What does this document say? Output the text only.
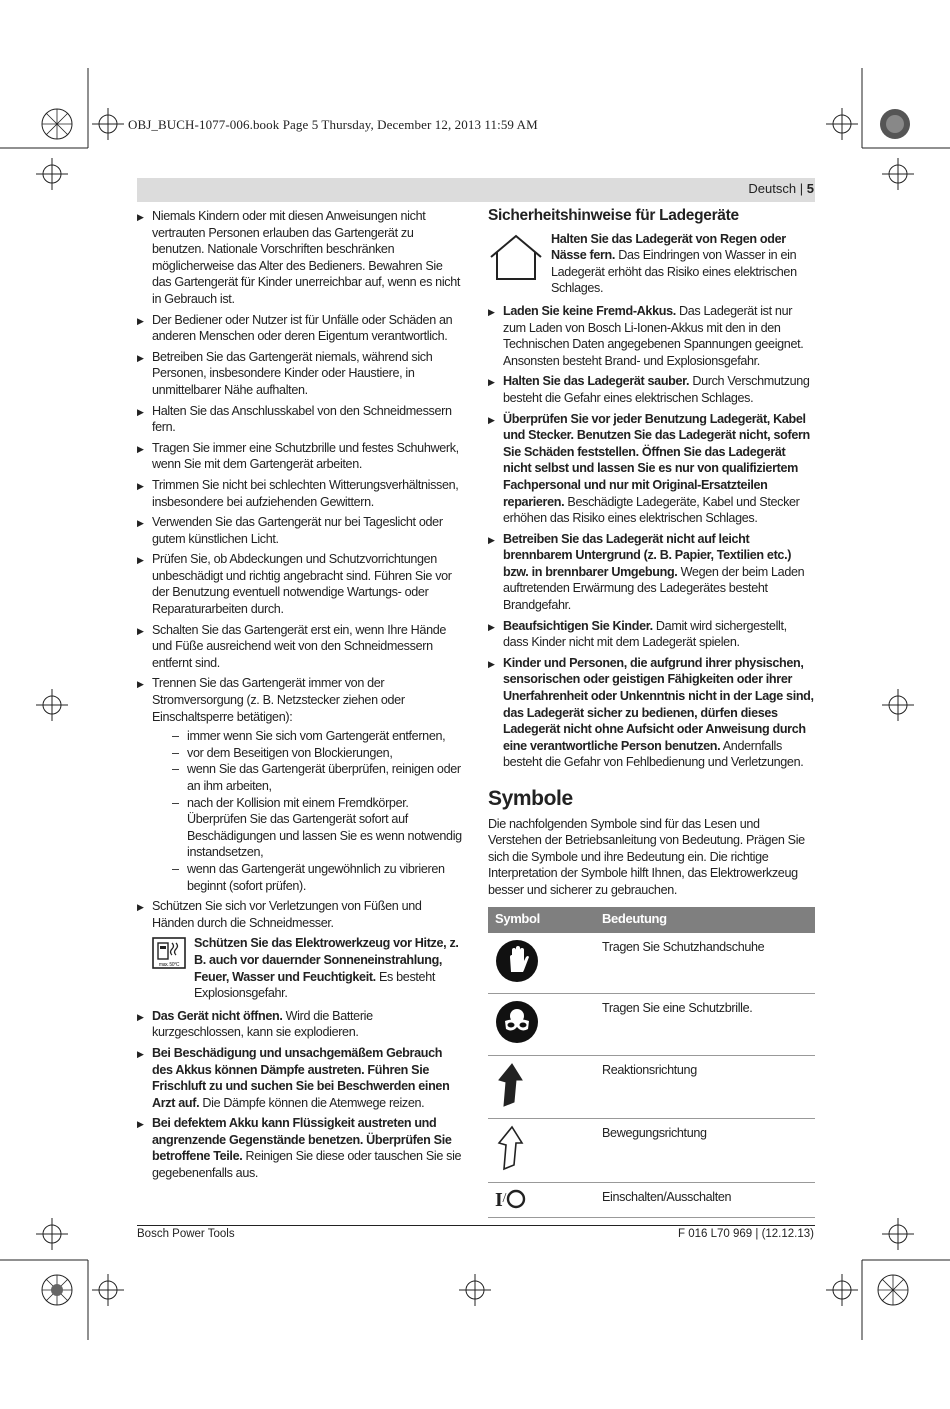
OBJ_BUCH-1077-006.book Page 5 Thursday, December 12, 2013 11:59 AM
Deutsch | 5
▶ Niemals Kindern oder mit diesen Anweisungen nicht vertrauten Personen erlauben das Gartengerät zu benutzen. Nationale Vorschriften beschränken möglicherweise das Alter des Bedieners. Bewahren Sie das Gartengerät für Kinder unerreichbar auf, wenn es nicht in Gebrauch ist.
▶ Der Bediener oder Nutzer ist für Unfälle oder Schäden an anderen Menschen oder deren Eigentum verantwortlich.
▶ Betreiben Sie das Gartengerät niemals, während sich Personen, insbesondere Kinder oder Haustiere, in unmittelbarer Nähe aufhalten.
▶ Halten Sie das Anschlusskabel von den Schneidmessern fern.
▶ Tragen Sie immer eine Schutzbrille und festes Schuhwerk, wenn Sie mit dem Gartengerät arbeiten.
▶ Trimmen Sie nicht bei schlechten Witterungsverhältnissen, insbesondere bei aufziehenden Gewittern.
▶ Verwenden Sie das Gartengerät nur bei Tageslicht oder gutem künstlichen Licht.
▶ Prüfen Sie, ob Abdeckungen und Schutzvorrichtungen unbeschädigt und richtig angebracht sind. Führen Sie vor der Benutzung eventuell notwendige Wartungs- oder Reparaturarbeiten durch.
▶ Schalten Sie das Gartengerät erst ein, wenn Ihre Hände und Füße ausreichend weit von den Schneidmessern entfernt sind.
▶ Trennen Sie das Gartengerät immer von der Stromversorgung (z. B. Netzstecker ziehen oder Einschaltsperre betätigen):
– immer wenn Sie sich vom Gartengerät entfernen,
– vor dem Beseitigen von Blockierungen,
– wenn Sie das Gartengerät überprüfen, reinigen oder an ihm arbeiten,
– nach der Kollision mit einem Fremdkörper. Überprüfen Sie das Gartengerät sofort auf Beschädigungen und lassen Sie es wenn notwendig instandsetzen,
– wenn das Gartengerät ungewöhnlich zu vibrieren beginnt (sofort prüfen).
▶ Schützen Sie sich vor Verletzungen von Füßen und Händen durch die Schneidmesser.
max. 50°C
Schützen Sie das Elektrowerkzeug vor Hitze, z. B. auch vor dauernder Sonneneinstrahlung, Feuer, Wasser und Feuchtigkeit. Es besteht Explosionsgefahr.
▶ Das Gerät nicht öffnen. Wird die Batterie kurzgeschlossen, kann sie explodieren.
▶ Bei Beschädigung und unsachgemäßem Gebrauch des Akkus können Dämpfe austreten. Führen Sie Frischluft zu und suchen Sie bei Beschwerden einen Arzt auf. Die Dämpfe können die Atemwege reizen.
▶ Bei defektem Akku kann Flüssigkeit austreten und angrenzende Gegenstände benetzen. Überprüfen Sie betroffene Teile. Reinigen Sie diese oder tauschen Sie sie gegebenenfalls aus.
Sicherheitshinweise für Ladegeräte
Halten Sie das Ladegerät von Regen oder Nässe fern. Das Eindringen von Wasser in ein Ladegerät erhöht das Risiko eines elektrischen Schlages.
▶ Laden Sie keine Fremd-Akkus. Das Ladegerät ist nur zum Laden von Bosch Li-Ionen-Akkus mit den in den Technischen Daten angegebenen Spannungen geeignet. Ansonsten besteht Brand- und Explosionsgefahr.
▶ Halten Sie das Ladegerät sauber. Durch Verschmutzung besteht die Gefahr eines elektrischen Schlages.
▶ Überprüfen Sie vor jeder Benutzung Ladegerät, Kabel und Stecker. Benutzen Sie das Ladegerät nicht, sofern Sie Schäden feststellen. Öffnen Sie das Ladegerät nicht selbst und lassen Sie es nur von qualifiziertem Fachpersonal und nur mit Original-Ersatzteilen reparieren. Beschädigte Ladegeräte, Kabel und Stecker erhöhen das Risiko eines elektrischen Schlages.
▶ Betreiben Sie das Ladegerät nicht auf leicht brennbarem Untergrund (z. B. Papier, Textilien etc.) bzw. in brennbarer Umgebung. Wegen der beim Laden auftretenden Erwärmung des Ladegerätes besteht Brandgefahr.
▶ Beaufsichtigen Sie Kinder. Damit wird sichergestellt, dass Kinder nicht mit dem Ladegerät spielen.
▶ Kinder und Personen, die aufgrund ihrer physischen, sensorischen oder geistigen Fähigkeiten oder ihrer Unerfahrenheit oder Unkenntnis nicht in der Lage sind, das Ladegerät sicher zu bedienen, dürfen dieses Ladegerät nicht ohne Aufsicht oder Anweisung durch eine verantwortliche Person benutzen. Andernfalls besteht die Gefahr von Fehlbedienung und Verletzungen.
Symbole
Die nachfolgenden Symbole sind für das Lesen und Verstehen der Betriebsanleitung von Bedeutung. Prägen Sie sich die Symbole und ihre Bedeutung ein. Die richtige Interpretation der Symbole hilft Ihnen, das Elektrowerkzeug besser und sicherer zu gebrauchen.
Symbol	Bedeutung
	Tragen Sie Schutzhandschuhe
	Tragen Sie eine Schutzbrille.
	Reaktionsrichtung
	Bewegungsrichtung
I/	Einschalten/Ausschalten
Bosch Power Tools	F 016 L70 969 | (12.12.13)
